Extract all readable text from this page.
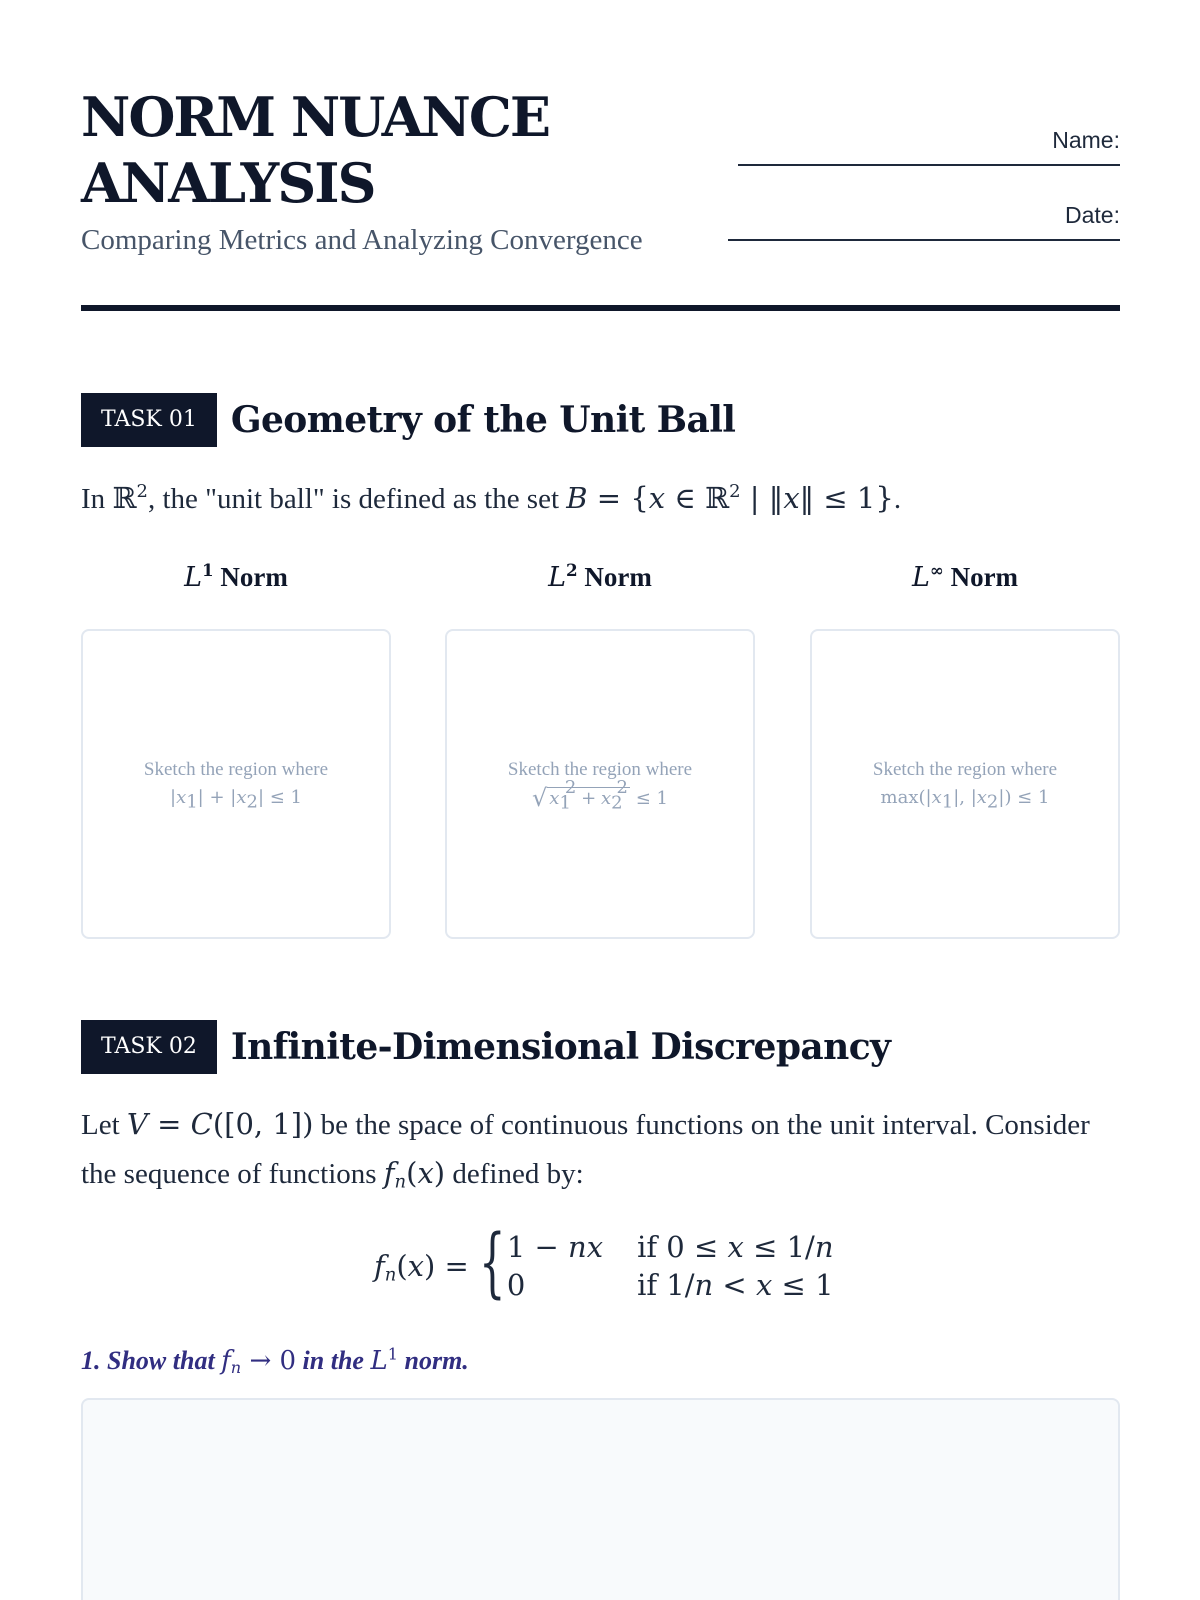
NORM NUANCE
ANALYSIS
Comparing Metrics and Analyzing Convergence
Name:
Date:
TASK 01 Geometry of the Unit Ball
In ℝ$^2$, the "unit ball" is defined as the set B = {x ∈ ℝ$^2$ | ‖x‖ ≤ 1}.
$L^1$ Norm	$L^2$ Norm	L∞ Norm
Sketch the region where
$|x_1| + |x_2| \le 1$
Sketch the region where
√ $x_1^2 + x_2^2 \le 1$
Sketch the region where
$\max(|x_1|$, $|x_2|) \le 1$
TASK 02 Infinite-Dimensional Discrepancy
Let V = C([0, 1]) be the space of continuous functions on the unit interval. Consider the sequence of functions $f_n(x)$ defined by:
$f_n$ ( x ) = { 1 − nx if 0 ≤ x ≤ 1/n
0	if 1/n < x ≤ 1
1. Show that $f_n \to 0$ in the $L^1$ norm.
